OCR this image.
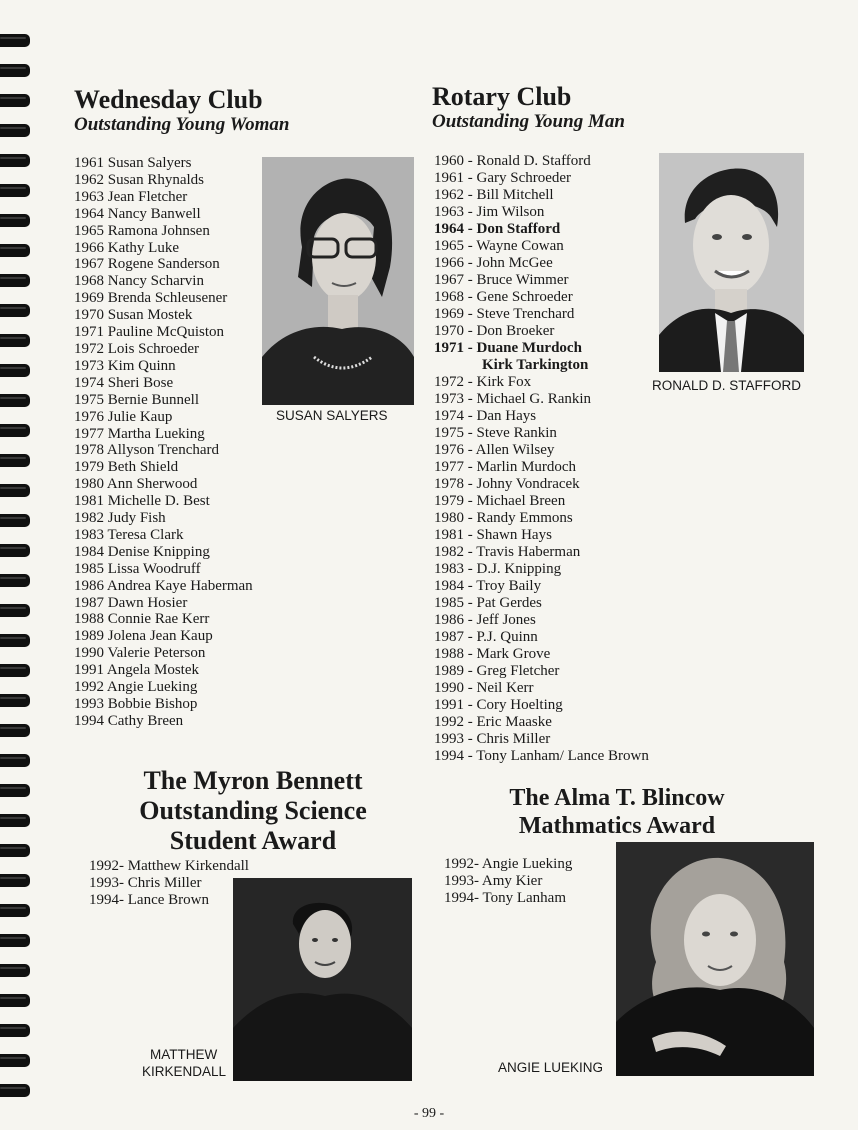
Wednesday Club
Outstanding Young Woman
1961 Susan Salyers
1962 Susan Rhynalds
1963 Jean Fletcher
1964 Nancy Banwell
1965 Ramona Johnsen
1966 Kathy Luke
1967 Rogene Sanderson
1968 Nancy Scharvin
1969 Brenda Schleusener
1970 Susan Mostek
1971 Pauline McQuiston
1972 Lois Schroeder
1973 Kim Quinn
1974 Sheri Bose
1975 Bernie Bunnell
1976 Julie Kaup
1977 Martha Lueking
1978 Allyson Trenchard
1979 Beth Shield
1980 Ann Sherwood
1981 Michelle D. Best
1982 Judy Fish
1983 Teresa Clark
1984 Denise Knipping
1985 Lissa Woodruff
1986 Andrea Kaye Haberman
1987 Dawn Hosier
1988 Connie Rae Kerr
1989 Jolena Jean Kaup
1990 Valerie Peterson
1991 Angela Mostek
1992 Angie Lueking
1993 Bobbie Bishop
1994 Cathy Breen
SUSAN SALYERS
Rotary Club
Outstanding Young Man
1960 - Ronald D. Stafford
1961 - Gary Schroeder
1962 - Bill Mitchell
1963 - Jim Wilson
1964 - Don Stafford
1965 - Wayne Cowan
1966 - John McGee
1967 - Bruce Wimmer
1968 - Gene Schroeder
1969 - Steve Trenchard
1970 - Don Broeker
1971 - Duane Murdoch
Kirk Tarkington
1972 - Kirk Fox
1973 - Michael G. Rankin
1974 - Dan Hays
1975 - Steve Rankin
1976 - Allen Wilsey
1977 - Marlin Murdoch
1978 - Johny Vondracek
1979 - Michael Breen
1980 - Randy Emmons
1981 - Shawn Hays
1982 - Travis Haberman
1983 - D.J. Knipping
1984 - Troy Baily
1985 - Pat Gerdes
1986 - Jeff Jones
1987 - P.J. Quinn
1988 - Mark Grove
1989 - Greg Fletcher
1990 - Neil Kerr
1991 - Cory Hoelting
1992 - Eric Maaske
1993 - Chris Miller
1994 - Tony Lanham/ Lance Brown
RONALD D. STAFFORD
The Myron Bennett
Outstanding Science
Student Award
1992- Matthew Kirkendall
1993- Chris Miller
1994- Lance Brown
MATTHEW
KIRKENDALL
The Alma T. Blincow
Mathmatics Award
1992- Angie Lueking
1993- Amy Kier
1994- Tony Lanham
ANGIE LUEKING
- 99 -
